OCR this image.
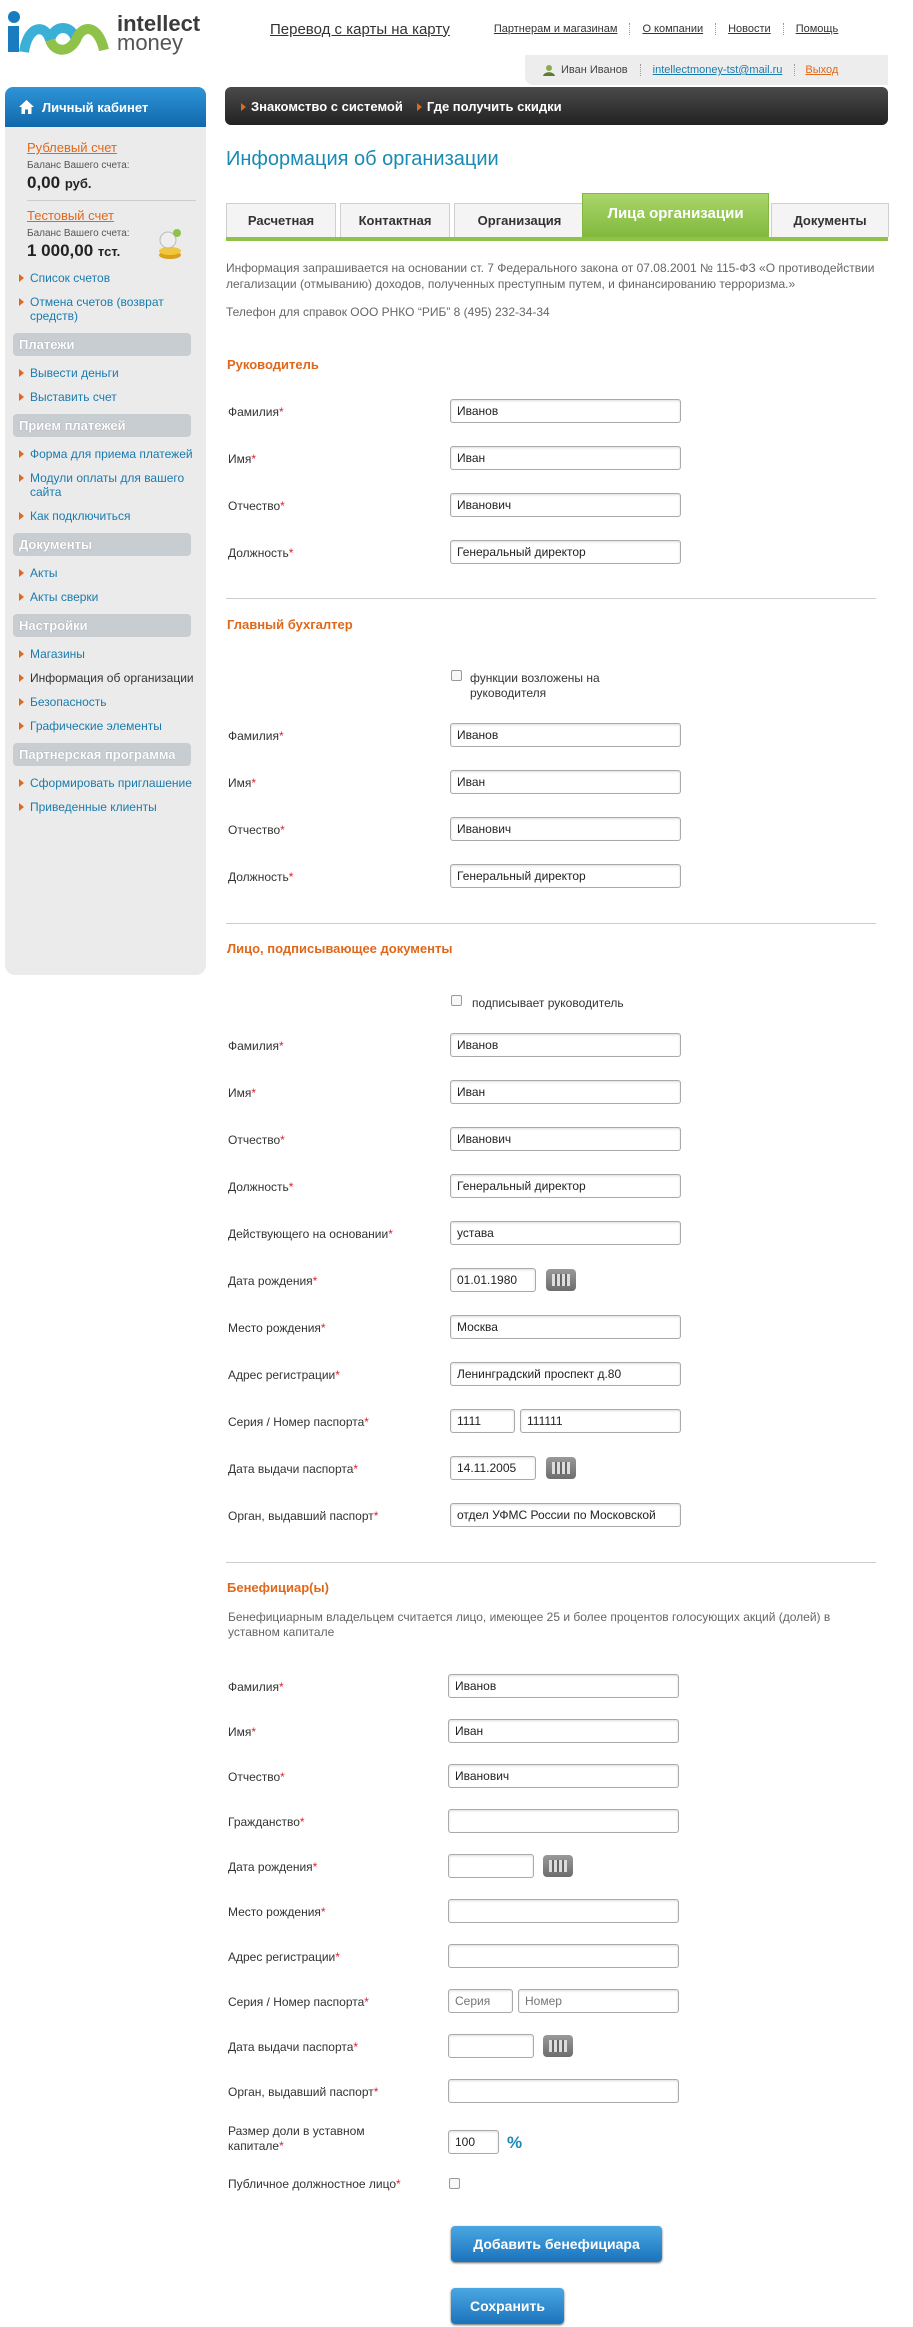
intellect
money
Перевод с карты на карту	Партнерам и магазинам	О компании	Новости	Помощь
Иван Иванов	intellectmoney-tst@mail.ru	Выход
Личный кабинет
Рублевый счет
Баланс Вашего счета:
0,00 руб.
Тестовый счет
Баланс Вашего счета:
1 000,00 тст.
Список счетов
Отмена счетов (возврат средств)
Платежи
Вывести деньги
Выставить счет
Прием платежей
Форма для приема платежей
Модули оплаты для вашего сайта
Как подключиться
Документы
Акты
Акты сверки
Настройки
Магазины
Информация об организации
Безопасность
Графические элементы
Партнерская программа
Сформировать приглашение
Приведенные клиенты
Знакомство с системой	Где получить скидки
Информация об организации
Расчетная	Контактная	Организация	Лица организации	Документы
Информация запрашивается на основании ст. 7 Федерального закона от 07.08.2001 № 115-ФЗ «О противодействии легализации (отмыванию) доходов, полученных преступным путем, и финансированию терроризма.»
Телефон для справок ООО РНКО “РИБ” 8 (495) 232-34-34
Руководитель
Фамилия*
Иванов
Имя*
Иван
Отчество*
Иванович
Должность*
Генеральный директор
Главный бухгалтер
функции возложены на руководителя
Фамилия*
Иванов
Имя*
Иван
Отчество*
Иванович
Должность*
Генеральный директор
Лицо, подписывающее документы
подписывает руководитель
Фамилия*
Иванов
Имя*
Иван
Отчество*
Иванович
Должность*
Генеральный директор
Действующего на основании*
устава
Дата рождения*
01.01.1980
Место рождения*
Москва
Адрес регистрации*
Ленинградский проспект д.80
Серия / Номер паспорта*
1111
111111
Дата выдачи паспорта*
14.11.2005
Орган, выдавший паспорт*
отдел УФМС России по Московской
Бенефициар(ы)
Бенефициарным владельцем считается лицо, имеющее 25 и более процентов голосующих акций (долей) в уставном капитале
Фамилия*
Иванов
Имя*
Иван
Отчество*
Иванович
Гражданство*
Дата рождения*
Место рождения*
Адрес регистрации*
Серия / Номер паспорта*
Серия
Номер
Дата выдачи паспорта*
Орган, выдавший паспорт*
Размер доли в уставном капитале*
100	%
Публичное должностное лицо*
Добавить бенефициара
Сохранить
